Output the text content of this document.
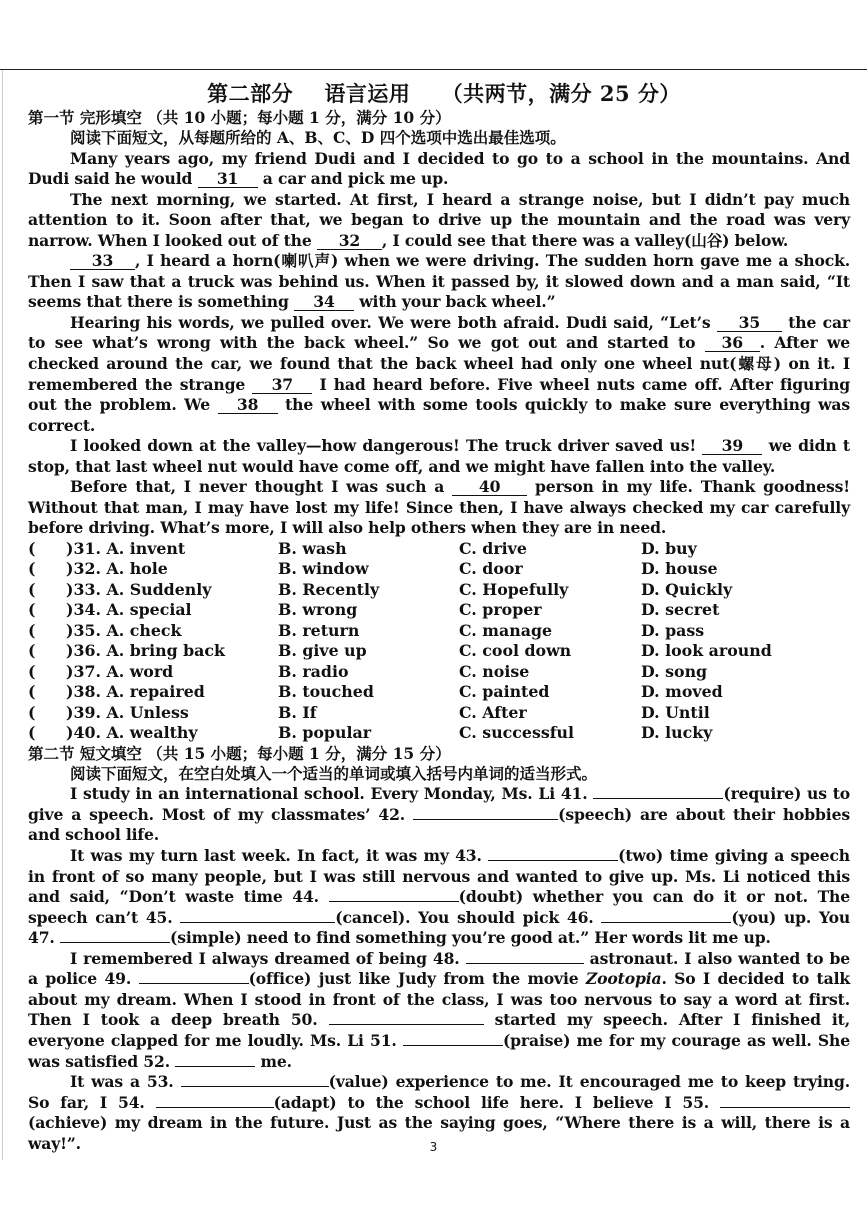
第二部分    语言运用    （共两节，满分 25 分）
第一节 完形填空 （共 10 小题；每小题 1 分，满分 10 分）
阅读下面短文，从每题所给的 A、B、C、D 四个选项中选出最佳选项。

Many years ago, my friend Dudi and I decided to go to a school in the mountains. And Dudi said he would 31 a car and pick me up.

The next morning, we started. At first, I heard a strange noise, but I didn’t pay much attention to it. Soon after that, we began to drive up the mountain and the road was very narrow. When I looked out of the 32 , I could see that there was a valley(山谷) below.

33 , I heard a horn(喇叭声) when we were driving. The sudden horn gave me a shock. Then I saw that a truck was behind us. When it passed by, it slowed down and a man said, “It seems that there is something 34 with your back wheel.”

Hearing his words, we pulled over. We were both afraid. Dudi said, “Let’s 35 the car to see what’s wrong with the back wheel.” So we got out and started to 36 . After we checked around the car, we found that the back wheel had only one wheel nut(螺母) on it. I remembered the strange 37 I had heard before. Five wheel nuts came off. After figuring out the problem. We 38 the wheel with some tools quickly to make sure everything was correct.

I looked down at the valley—how dangerous! The truck driver saved us! 39 we didn t stop, that last wheel nut would have come off, and we might have fallen into the valley.

Before that, I never thought I was such a 40 person in my life. Thank goodness! Without that man, I may have lost my life! Since then, I have always checked my car carefully before driving. What’s more, I will also help others when they are in need.

(	)31. A. invent	B. wash	C. drive	D. buy
(	)32. A. hole	B. window	C. door	D. house
(	)33. A. Suddenly	B. Recently	C. Hopefully	D. Quickly
(	)34. A. special	B. wrong	C. proper	D. secret
(	)35. A. check	B. return	C. manage	D. pass
(	)36. A. bring back	B. give up	C. cool down	D. look around
(	)37. A. word	B. radio	C. noise	D. song
(	)38. A. repaired	B. touched	C. painted	D. moved
(	)39. A. Unless	B. If	C. After	D. Until
(	)40. A. wealthy	B. popular	C. successful	D. lucky
第二节 短文填空 （共 15 小题；每小题 1 分，满分 15 分）
阅读下面短文，在空白处填入一个适当的单词或填入括号内单词的适当形式。

I study in an international school. Every Monday, Ms. Li 41.	(require) us to give a speech. Most of my classmates’ 42.	(speech) are about their hobbies and school life.

It was my turn last week. In fact, it was my 43.	(two) time giving a speech in front of so many people, but I was still nervous and wanted to give up. Ms. Li noticed this and said, “Don’t waste time 44.	(doubt) whether you can do it or not. The speech can’t 45.	(cancel). You should pick 46.	(you) up. You 47.	(simple) need to find something you’re good at.” Her words lit me up.

I remembered I always dreamed of being 48.	astronaut. I also wanted to be a police 49.	(office) just like Judy from the movie Zootopia. So I decided to talk about my dream. When I stood in front of the class, I was too nervous to say a word at first. Then I took a deep breath 50.	started my speech. After I finished it, everyone clapped for me loudly. Ms. Li 51.	(praise) me for my courage as well. She was satisfied 52.	me.

It was a 53.	(value) experience to me. It encouraged me to keep trying. So far, I 54.	(adapt) to the school life here. I believe I 55. (achieve) my dream in the future. Just as the saying goes, “Where there is a will, there is a way!”.	3
